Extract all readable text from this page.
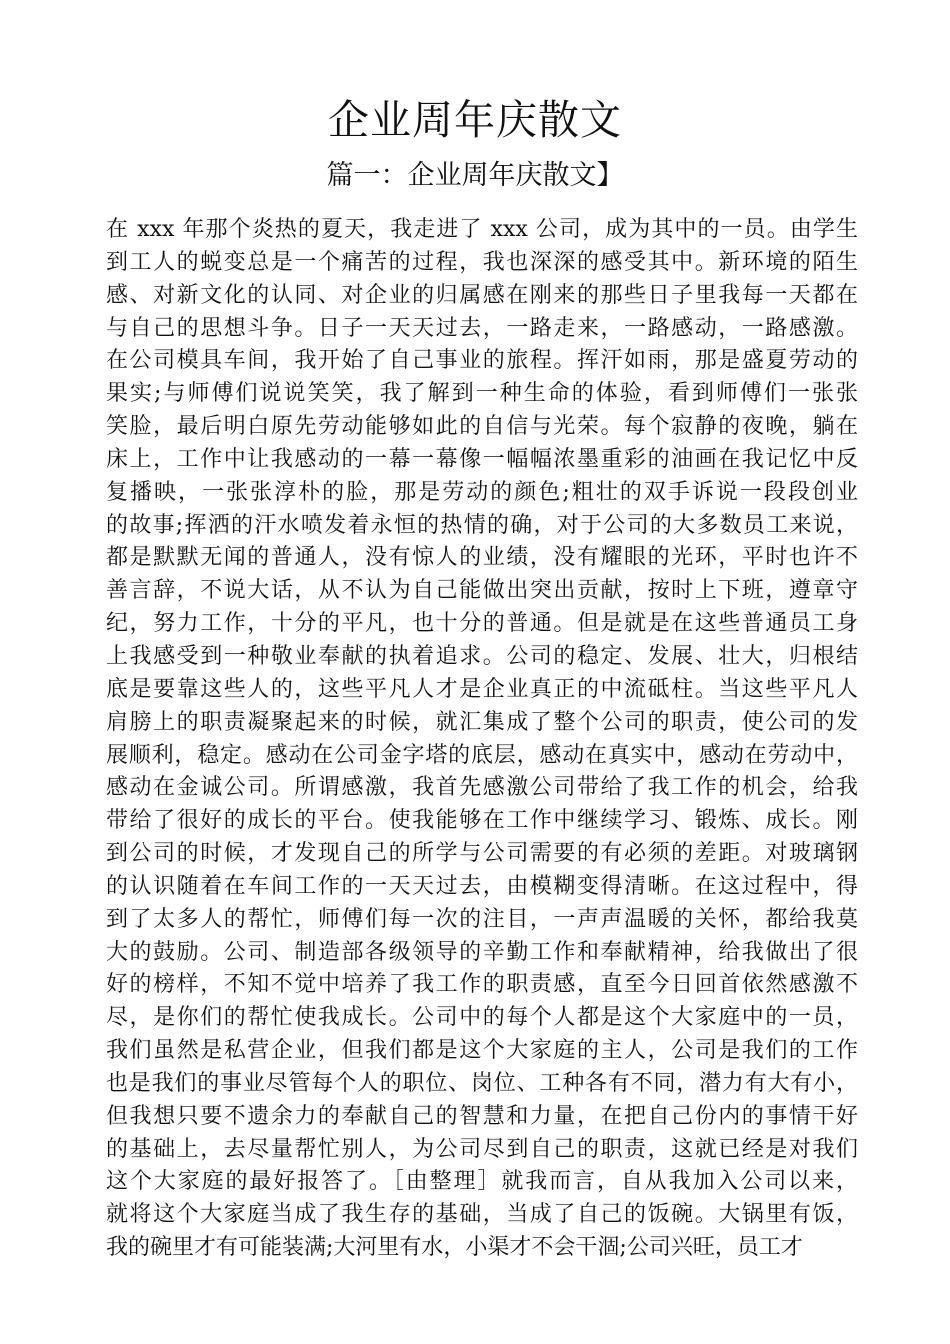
企业周年庆散文
篇一：企业周年庆散文】
在 xxx 年那个炎热的夏天，我走进了 xxx 公司，成为其中的一员。由学生
到工人的蜕变总是一个痛苦的过程，我也深深的感受其中。新环境的陌生
感、对新文化的认同、对企业的归属感在刚来的那些日子里我每一天都在
与自己的思想斗争。日子一天天过去，一路走来，一路感动，一路感激。
在公司模具车间，我开始了自己事业的旅程。挥汗如雨，那是盛夏劳动的
果实;与师傅们说说笑笑，我了解到一种生命的体验，看到师傅们一张张
笑脸，最后明白原先劳动能够如此的自信与光荣。每个寂静的夜晚，躺在
床上，工作中让我感动的一幕一幕像一幅幅浓墨重彩的油画在我记忆中反
复播映，一张张淳朴的脸，那是劳动的颜色;粗壮的双手诉说一段段创业
的故事;挥洒的汗水喷发着永恒的热情的确，对于公司的大多数员工来说，
都是默默无闻的普通人，没有惊人的业绩，没有耀眼的光环，平时也许不
善言辞，不说大话，从不认为自己能做出突出贡献，按时上下班，遵章守
纪，努力工作，十分的平凡，也十分的普通。但是就是在这些普通员工身
上我感受到一种敬业奉献的执着追求。公司的稳定、发展、壮大，归根结
底是要靠这些人的，这些平凡人才是企业真正的中流砥柱。当这些平凡人
肩膀上的职责凝聚起来的时候，就汇集成了整个公司的职责，使公司的发
展顺利，稳定。感动在公司金字塔的底层，感动在真实中，感动在劳动中，
感动在金诚公司。所谓感激，我首先感激公司带给了我工作的机会，给我
带给了很好的成长的平台。使我能够在工作中继续学习、锻炼、成长。刚
到公司的时候，才发现自己的所学与公司需要的有必须的差距。对玻璃钢
的认识随着在车间工作的一天天过去，由模糊变得清晰。在这过程中，得
到了太多人的帮忙，师傅们每一次的注目，一声声温暖的关怀，都给我莫
大的鼓励。公司、制造部各级领导的辛勤工作和奉献精神，给我做出了很
好的榜样，不知不觉中培养了我工作的职责感，直至今日回首依然感激不
尽，是你们的帮忙使我成长。公司中的每个人都是这个大家庭中的一员，
我们虽然是私营企业，但我们都是这个大家庭的主人，公司是我们的工作
也是我们的事业尽管每个人的职位、岗位、工种各有不同，潜力有大有小，
但我想只要不遗余力的奉献自己的智慧和力量，在把自己份内的事情干好
的基础上，去尽量帮忙别人，为公司尽到自己的职责，这就已经是对我们
这个大家庭的最好报答了。［由整理］就我而言，自从我加入公司以来，
就将这个大家庭当成了我生存的基础，当成了自己的饭碗。大锅里有饭，
我的碗里才有可能装满;大河里有水，小渠才不会干涸;公司兴旺，员工才
